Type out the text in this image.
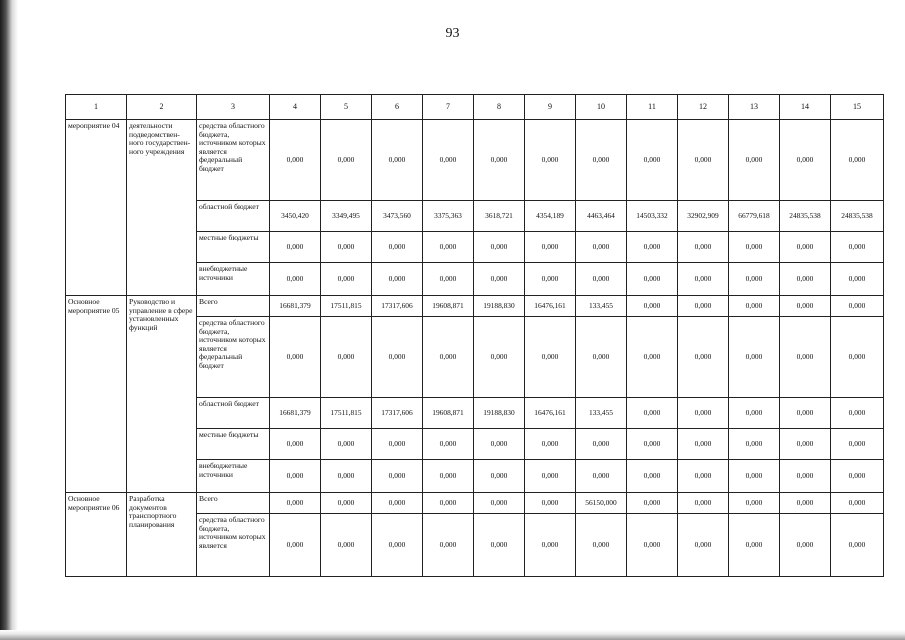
93
1	2	3	4	5	6	7	8	9	10	11	12	13	14	15
мероприятие 04	деятельности подведомствен-ного государствен-ного учреждения	средства областного бюджета, источником которых является федеральный бюджет	0,000	0,000	0,000	0,000	0,000	0,000	0,000	0,000	0,000	0,000	0,000	0,000
		областной бюджет	3450,420	3349,495	3473,560	3375,363	3618,721	4354,189	4463,464	14503,332	32902,909	66779,618	24835,538	24835,538
		местные бюджеты	0,000	0,000	0,000	0,000	0,000	0,000	0,000	0,000	0,000	0,000	0,000	0,000
		внебюджетные источники	0,000	0,000	0,000	0,000	0,000	0,000	0,000	0,000	0,000	0,000	0,000	0,000
Основное мероприятие 05	Руководство и управление в сфере установленных функций	Всего	16681,379	17511,815	17317,606	19608,871	19188,830	16476,161	133,455	0,000	0,000	0,000	0,000	0,000
		средства областного бюджета, источником которых является федеральный бюджет	0,000	0,000	0,000	0,000	0,000	0,000	0,000	0,000	0,000	0,000	0,000	0,000
		областной бюджет	16681,379	17511,815	17317,606	19608,871	19188,830	16476,161	133,455	0,000	0,000	0,000	0,000	0,000
		местные бюджеты	0,000	0,000	0,000	0,000	0,000	0,000	0,000	0,000	0,000	0,000	0,000	0,000
		внебюджетные источники	0,000	0,000	0,000	0,000	0,000	0,000	0,000	0,000	0,000	0,000	0,000	0,000
Основное мероприятие 06	Разработка документов транспортного планирования	Всего	0,000	0,000	0,000	0,000	0,000	0,000	56150,000	0,000	0,000	0,000	0,000	0,000
		средства областного бюджета, источником которых является	0,000	0,000	0,000	0,000	0,000	0,000	0,000	0,000	0,000	0,000	0,000	0,000
